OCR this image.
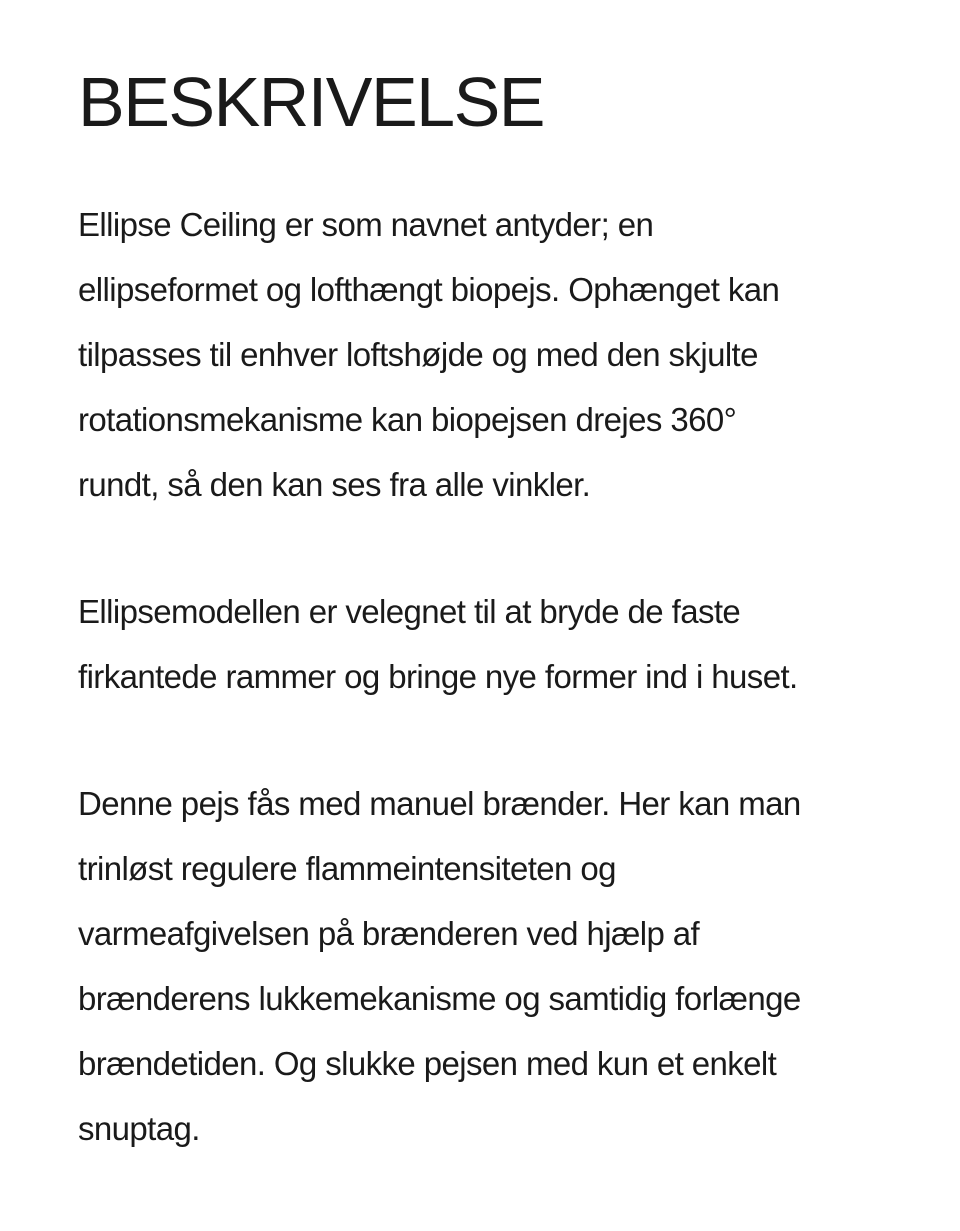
BESKRIVELSE

Ellipse Ceiling er som navnet antyder; en
ellipseformet og lofthængt biopejs. Ophænget kan
tilpasses til enhver loftshøjde og med den skjulte
rotationsmekanisme kan biopejsen drejes 360°
rundt, så den kan ses fra alle vinkler.

Ellipsemodellen er velegnet til at bryde de faste
firkantede rammer og bringe nye former ind i huset.

Denne pejs fås med manuel brænder. Her kan man
trinløst regulere flammeintensiteten og
varmeafgivelsen på brænderen ved hjælp af
brænderens lukkemekanisme og samtidig forlænge
brændetiden. Og slukke pejsen med kun et enkelt
snuptag.
